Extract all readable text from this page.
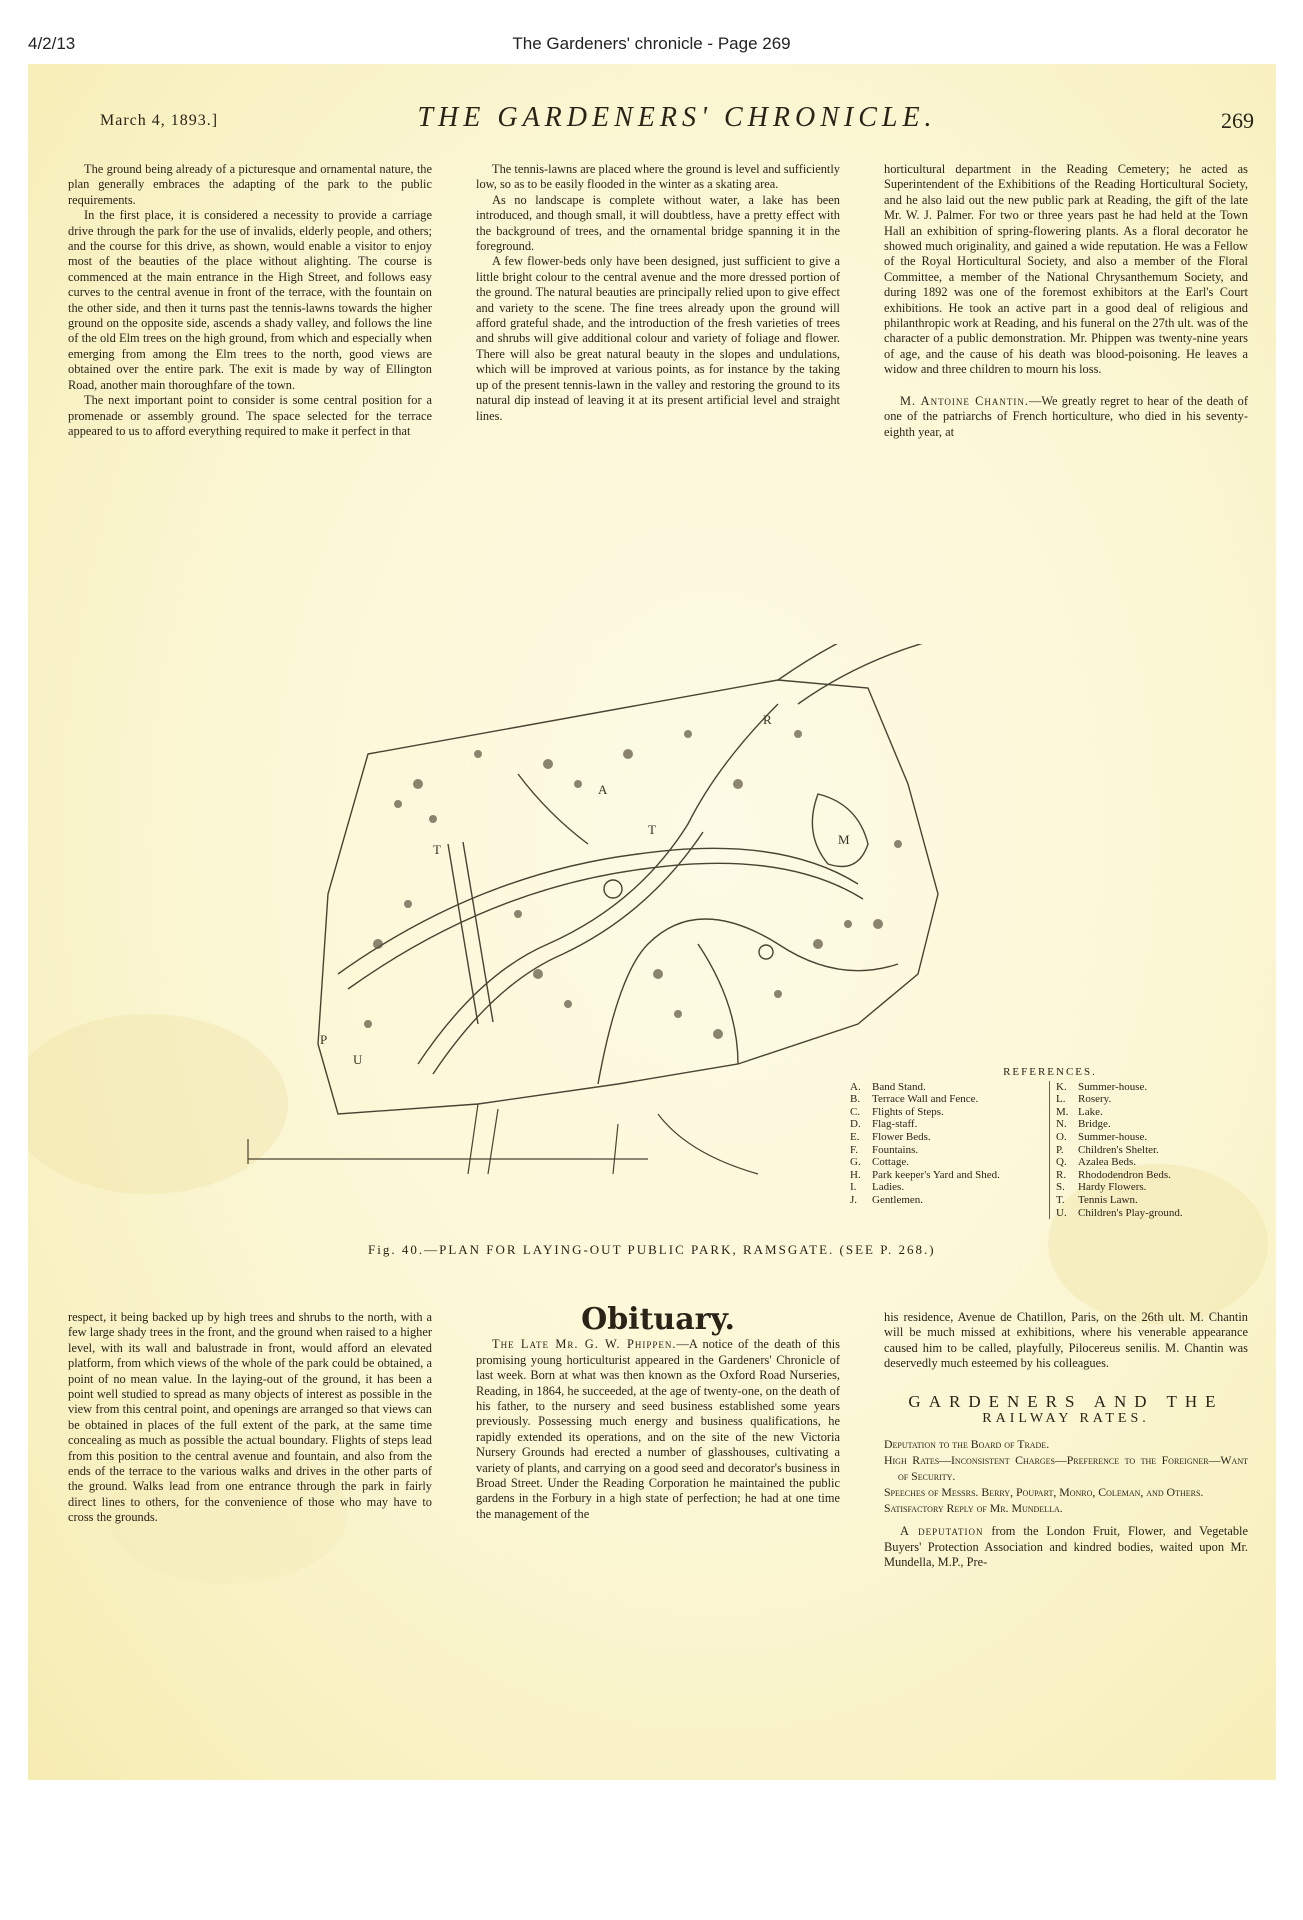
4/2/13	The Gardeners' chronicle - Page 269
March 4, 1893.]	THE GARDENERS' CHRONICLE.	269

The ground being already of a picturesque and ornamental nature, the plan generally embraces the adapting of the park to the public requirements.

In the first place, it is considered a necessity to provide a carriage drive through the park for the use of invalids, elderly people, and others; and the course for this drive, as shown, would enable a visitor to enjoy most of the beauties of the place without alighting. The course is commenced at the main entrance in the High Street, and follows easy curves to the central avenue in front of the terrace, with the fountain on the other side, and then it turns past the tennis-lawns towards the higher ground on the opposite side, ascends a shady valley, and follows the line of the old Elm trees on the high ground, from which and especially when emerging from among the Elm trees to the north, good views are obtained over the entire park. The exit is made by way of Ellington Road, another main thoroughfare of the town.

The next important point to consider is some central position for a promenade or assembly ground. The space selected for the terrace appeared to us to afford everything required to make it perfect in that

The tennis-lawns are placed where the ground is level and sufficiently low, so as to be easily flooded in the winter as a skating area.

As no landscape is complete without water, a lake has been introduced, and though small, it will doubtless, have a pretty effect with the background of trees, and the ornamental bridge spanning it in the foreground.

A few flower-beds only have been designed, just sufficient to give a little bright colour to the central avenue and the more dressed portion of the ground. The natural beauties are principally relied upon to give effect and variety to the scene. The fine trees already upon the ground will afford grateful shade, and the introduction of the fresh varieties of trees and shrubs will give additional colour and variety of foliage and flower. There will also be great natural beauty in the slopes and undulations, which will be improved at various points, as for instance by the taking up of the present tennis-lawn in the valley and restoring the ground to its natural dip instead of leaving it at its present artificial level and straight lines.

horticultural department in the Reading Cemetery; he acted as Superintendent of the Exhibitions of the Reading Horticultural Society, and he also laid out the new public park at Reading, the gift of the late Mr. W. J. Palmer. For two or three years past he had held at the Town Hall an exhibition of spring-flowering plants. As a floral decorator he showed much originality, and gained a wide reputation. He was a Fellow of the Royal Horticultural Society, and also a member of the Floral Committee, a member of the National Chrysanthemum Society, and during 1892 was one of the foremost exhibitors at the Earl's Court exhibitions. He took an active part in a good deal of religious and philanthropic work at Reading, and his funeral on the 27th ult. was of the character of a public demonstration. Mr. Phippen was twenty-nine years of age, and the cause of his death was blood-poisoning. He leaves a widow and three children to mourn his loss.

M. Antoine Chantin.—We greatly regret to hear of the death of one of the patriarchs of French horticulture, who died in his seventy-eighth year, at

A
T
T
R
M
U
P
REFERENCES.
A.	Band Stand.
B.	Terrace Wall and Fence.
C.	Flights of Steps.
D.	Flag-staff.
E.	Flower Beds.
F.	Fountains.
G.	Cottage.
H.	Park keeper's Yard and Shed.
I.	Ladies.
J.	Gentlemen.
K.	Summer-house.
L.	Rosery.
M. Lake.
N.	Bridge.
O.	Summer-house.
P.	Children's Shelter.
Q.	Azalea Beds.
R.	Rhododendron Beds.
S.	Hardy Flowers.
T.	Tennis Lawn.
U.	Children's Play-ground.
Fig. 40.—PLAN FOR LAYING-OUT PUBLIC PARK, RAMSGATE. (SEE P. 268.)

respect, it being backed up by high trees and shrubs to the north, with a few large shady trees in the front, and the ground when raised to a higher level, with its wall and balustrade in front, would afford an elevated platform, from which views of the whole of the park could be obtained, a point of no mean value. In the laying-out of the ground, it has been a point well studied to spread as many objects of interest as possible in the view from this central point, and openings are arranged so that views can be obtained in places of the full extent of the park, at the same time concealing as much as possible the actual boundary. Flights of steps lead from this position to the central avenue and fountain, and also from the ends of the terrace to the various walks and drives in the other parts of the ground. Walks lead from one entrance through the park in fairly direct lines to others, for the convenience of those who may have to cross the grounds.

Obituary.

The Late Mr. G. W. Phippen.—A notice of the death of this promising young horticulturist appeared in the Gardeners' Chronicle of last week. Born at what was then known as the Oxford Road Nurseries, Reading, in 1864, he succeeded, at the age of twenty-one, on the death of his father, to the nursery and seed business established some years previously. Possessing much energy and business qualifications, he rapidly extended its operations, and on the site of the new Victoria Nursery Grounds had erected a number of glasshouses, cultivating a variety of plants, and carrying on a good seed and decorator's business in Broad Street. Under the Reading Corporation he maintained the public gardens in the Forbury in a high state of perfection; he had at one time the management of the

his residence, Avenue de Chatillon, Paris, on the 26th ult. M. Chantin will be much missed at exhibitions, where his venerable appearance caused him to be called, playfully, Pilocereus senilis. M. Chantin was deservedly much esteemed by his colleagues.

GARDENERS AND THE
RAILWAY RATES.

Deputation to the Board of Trade.

High Rates—Inconsistent Charges—Preference to the Foreigner—Want of Security.

Speeches of Messrs. Berry, Poupart, Monro, Coleman, and Others.

Satisfactory Reply of Mr. Mundella.

A deputation from the London Fruit, Flower, and Vegetable Buyers' Protection Association and kindred bodies, waited upon Mr. Mundella, M.P., Pre-
